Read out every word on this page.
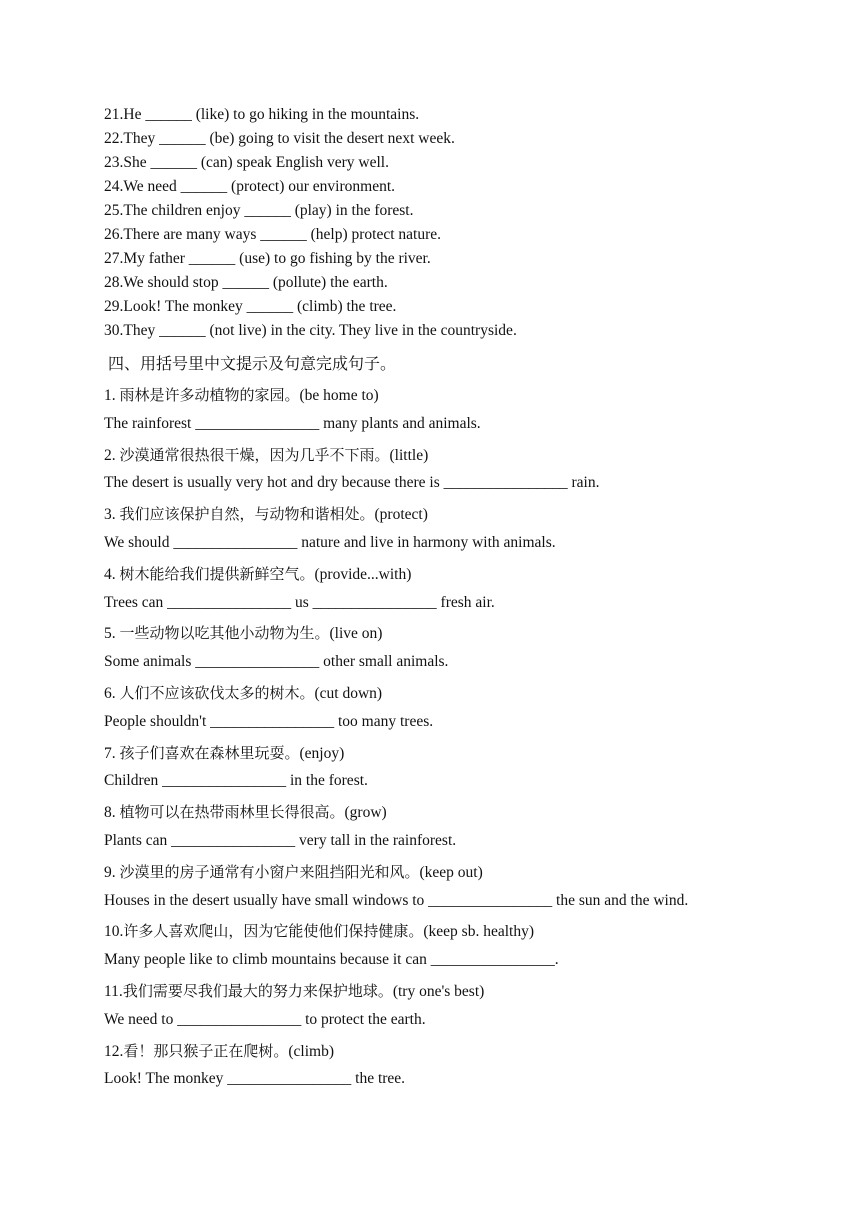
21.He ______ (like) to go hiking in the mountains.
22.They ______ (be) going to visit the desert next week.
23.She ______ (can) speak English very well.
24.We need ______ (protect) our environment.
25.The children enjoy ______ (play) in the forest.
26.There are many ways ______ (help) protect nature.
27.My father ______ (use) to go fishing by the river.
28.We should stop ______ (pollute) the earth.
29.Look! The monkey ______ (climb) the tree.
30.They ______ (not live) in the city. They live in the countryside.
四、用括号里中文提示及句意完成句子。
1. 雨林是许多动植物的家园。(be home to)
The rainforest ________________ many plants and animals.
2. 沙漠通常很热很干燥，因为几乎不下雨。(little)
The desert is usually very hot and dry because there is ________________ rain.
3. 我们应该保护自然，与动物和谐相处。(protect)
We should ________________ nature and live in harmony with animals.
4. 树木能给我们提供新鲜空气。(provide...with)
Trees can ________________ us ________________ fresh air.
5. 一些动物以吃其他小动物为生。(live on)
Some animals ________________ other small animals.
6. 人们不应该砍伐太多的树木。(cut down)
People shouldn't ________________ too many trees.
7. 孩子们喜欢在森林里玩耍。(enjoy)
Children ________________ in the forest.
8. 植物可以在热带雨林里长得很高。(grow)
Plants can ________________ very tall in the rainforest.
9. 沙漠里的房子通常有小窗户来阻挡阳光和风。(keep out)
Houses in the desert usually have small windows to ________________ the sun and the wind.
10.许多人喜欢爬山，因为它能使他们保持健康。(keep sb. healthy)
Many people like to climb mountains because it can ________________.
11.我们需要尽我们最大的努力来保护地球。(try one's best)
We need to ________________ to protect the earth.
12.看！那只猴子正在爬树。(climb)
Look! The monkey ________________ the tree.
